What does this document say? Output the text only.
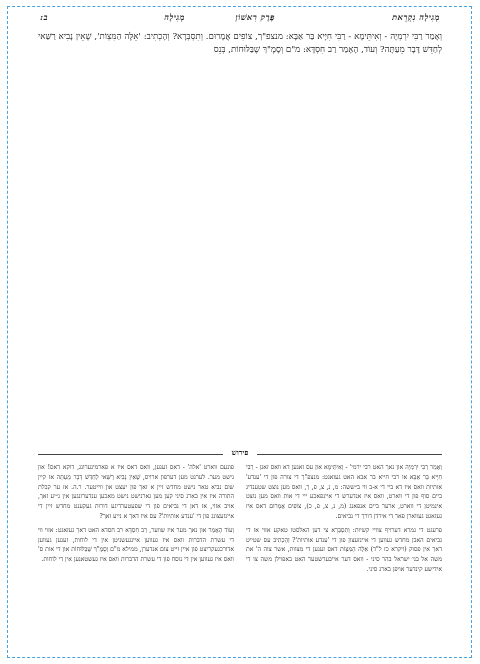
מְגִילָה נִקְרֵאת
פֶּרֶק רִאשׁוֹן
מְגִילָה
ב:
וְאָמַר רַבִּי יִרְמְיָה - וְאִיתֵּימָא - רַבִּי חִיָּיא בַּר אַבָּא: מנצפ"ך, צוֹפִים אֲמָרוּם. וְתִסְבְּרָא? וְהָכְתִיב: 'אֵלֶּה הַמִּצְוֹת', שֶׁאֵין נָבִיא רַשַּׁאי לְחַדֵּשׁ דָּבָר מֵעַתָּה? וְעוֹד, הָאָמַר רַב חִסְדָּא: מ"ם וְסָמֶ"ךְ שֶׁבַּלּוּחוֹת, בְּנֵס
פירוש

וְאָמַר רַבִּי יִרְמְיָה און נאך האט רבי ירמי' - וְאִיתֵּימָא און עס זאגען דא וואס זאגן - רַבִּי חִיָּיא בַּר אַבָּא או רבי חייא בר אבא האט געזאגט: מנצפ"ך די צורה פון די 'ענדע' אותיות וואס איז דא ביי די א-ב ווי ב״ששה: מ, נ, צ, פ, ך, וואס מען נוצט שטענדיג ביים סוף פון די ווארט, וואס איז אנדערש די איינפאכע ייי די אות וואס מען נוצט אינמיטן די ווארט, ארער ביים אנפאנג (מ, נ, צ, פ, כ), צוֹפִים אֲמָרוּם דאס איז געזאגט געווארן פאר די אירדן דורך די נביאים.

פרעגט די גמרא דערויף צוויי קשיות: וְתִסְבְּרָא צי דען האלסטו טאקע אזוי אז די נביאים האבן מחדש געווען די איינזעצון פון די 'ענדע אותיות'? וְהָכְתִיב עס שטייט דאך אין פסוק (ויקרא כז ל"ד) אֵלֶּה הַמִּצְוֹת דאס זענען די מצוות, אשר צוה ה' את משה אל בני ישראל בהר סיני - וואס דער אייבערשטער האט באפוילן משה צו די אידישע קינדער אויפן בארג סיני.

פונעם ווארט 'אלה' - דאס זענען, וואס דאס איז א פארמינערונג, דוקא דאס! און נישט מער. לערנט מען דערפון ארויס, שֶׁאֵין נָבִיא רַשַּׁאי לְחַדֵּשׁ דָּבָר מֵעַתָּה אז קיין שום נביא טאר נישט מחדש זיין א זאך פון יעצט און ווייטער. ר.ה. אז ער קבלת התורה איז אין בארג סיני קען מען גארנישט נישט מאכען ענדערונגען אין ג״יע זאך, אויב אזוי, אז דאן די נביאים פון די שפעטערדיגע דורות געקענט מחדש זיין די איינזעצונג פון די 'ענדע אותיות'? עס איז דאך א נייע זאך?

וְעוֹד הָאָמַר און נאך מער איז שווער, רַב חִסְדָּא רב חסדא האט דאך געזאגט: אזוי ווי די עשרת הדברות וואס איז געווען איינגעשניטן אין די לוחות, זענען געווען אדורכגעקריצט פון איין זייט צום אנדערן, ממילא מ"ם וְסָמֶ"ךְ שֶׁבַּלּוּחוֹת און די אות ס' וואס איז געווען אין די נוסח פון די עשרת הדברות וואס איז געשטאנען אין די לוחות.
